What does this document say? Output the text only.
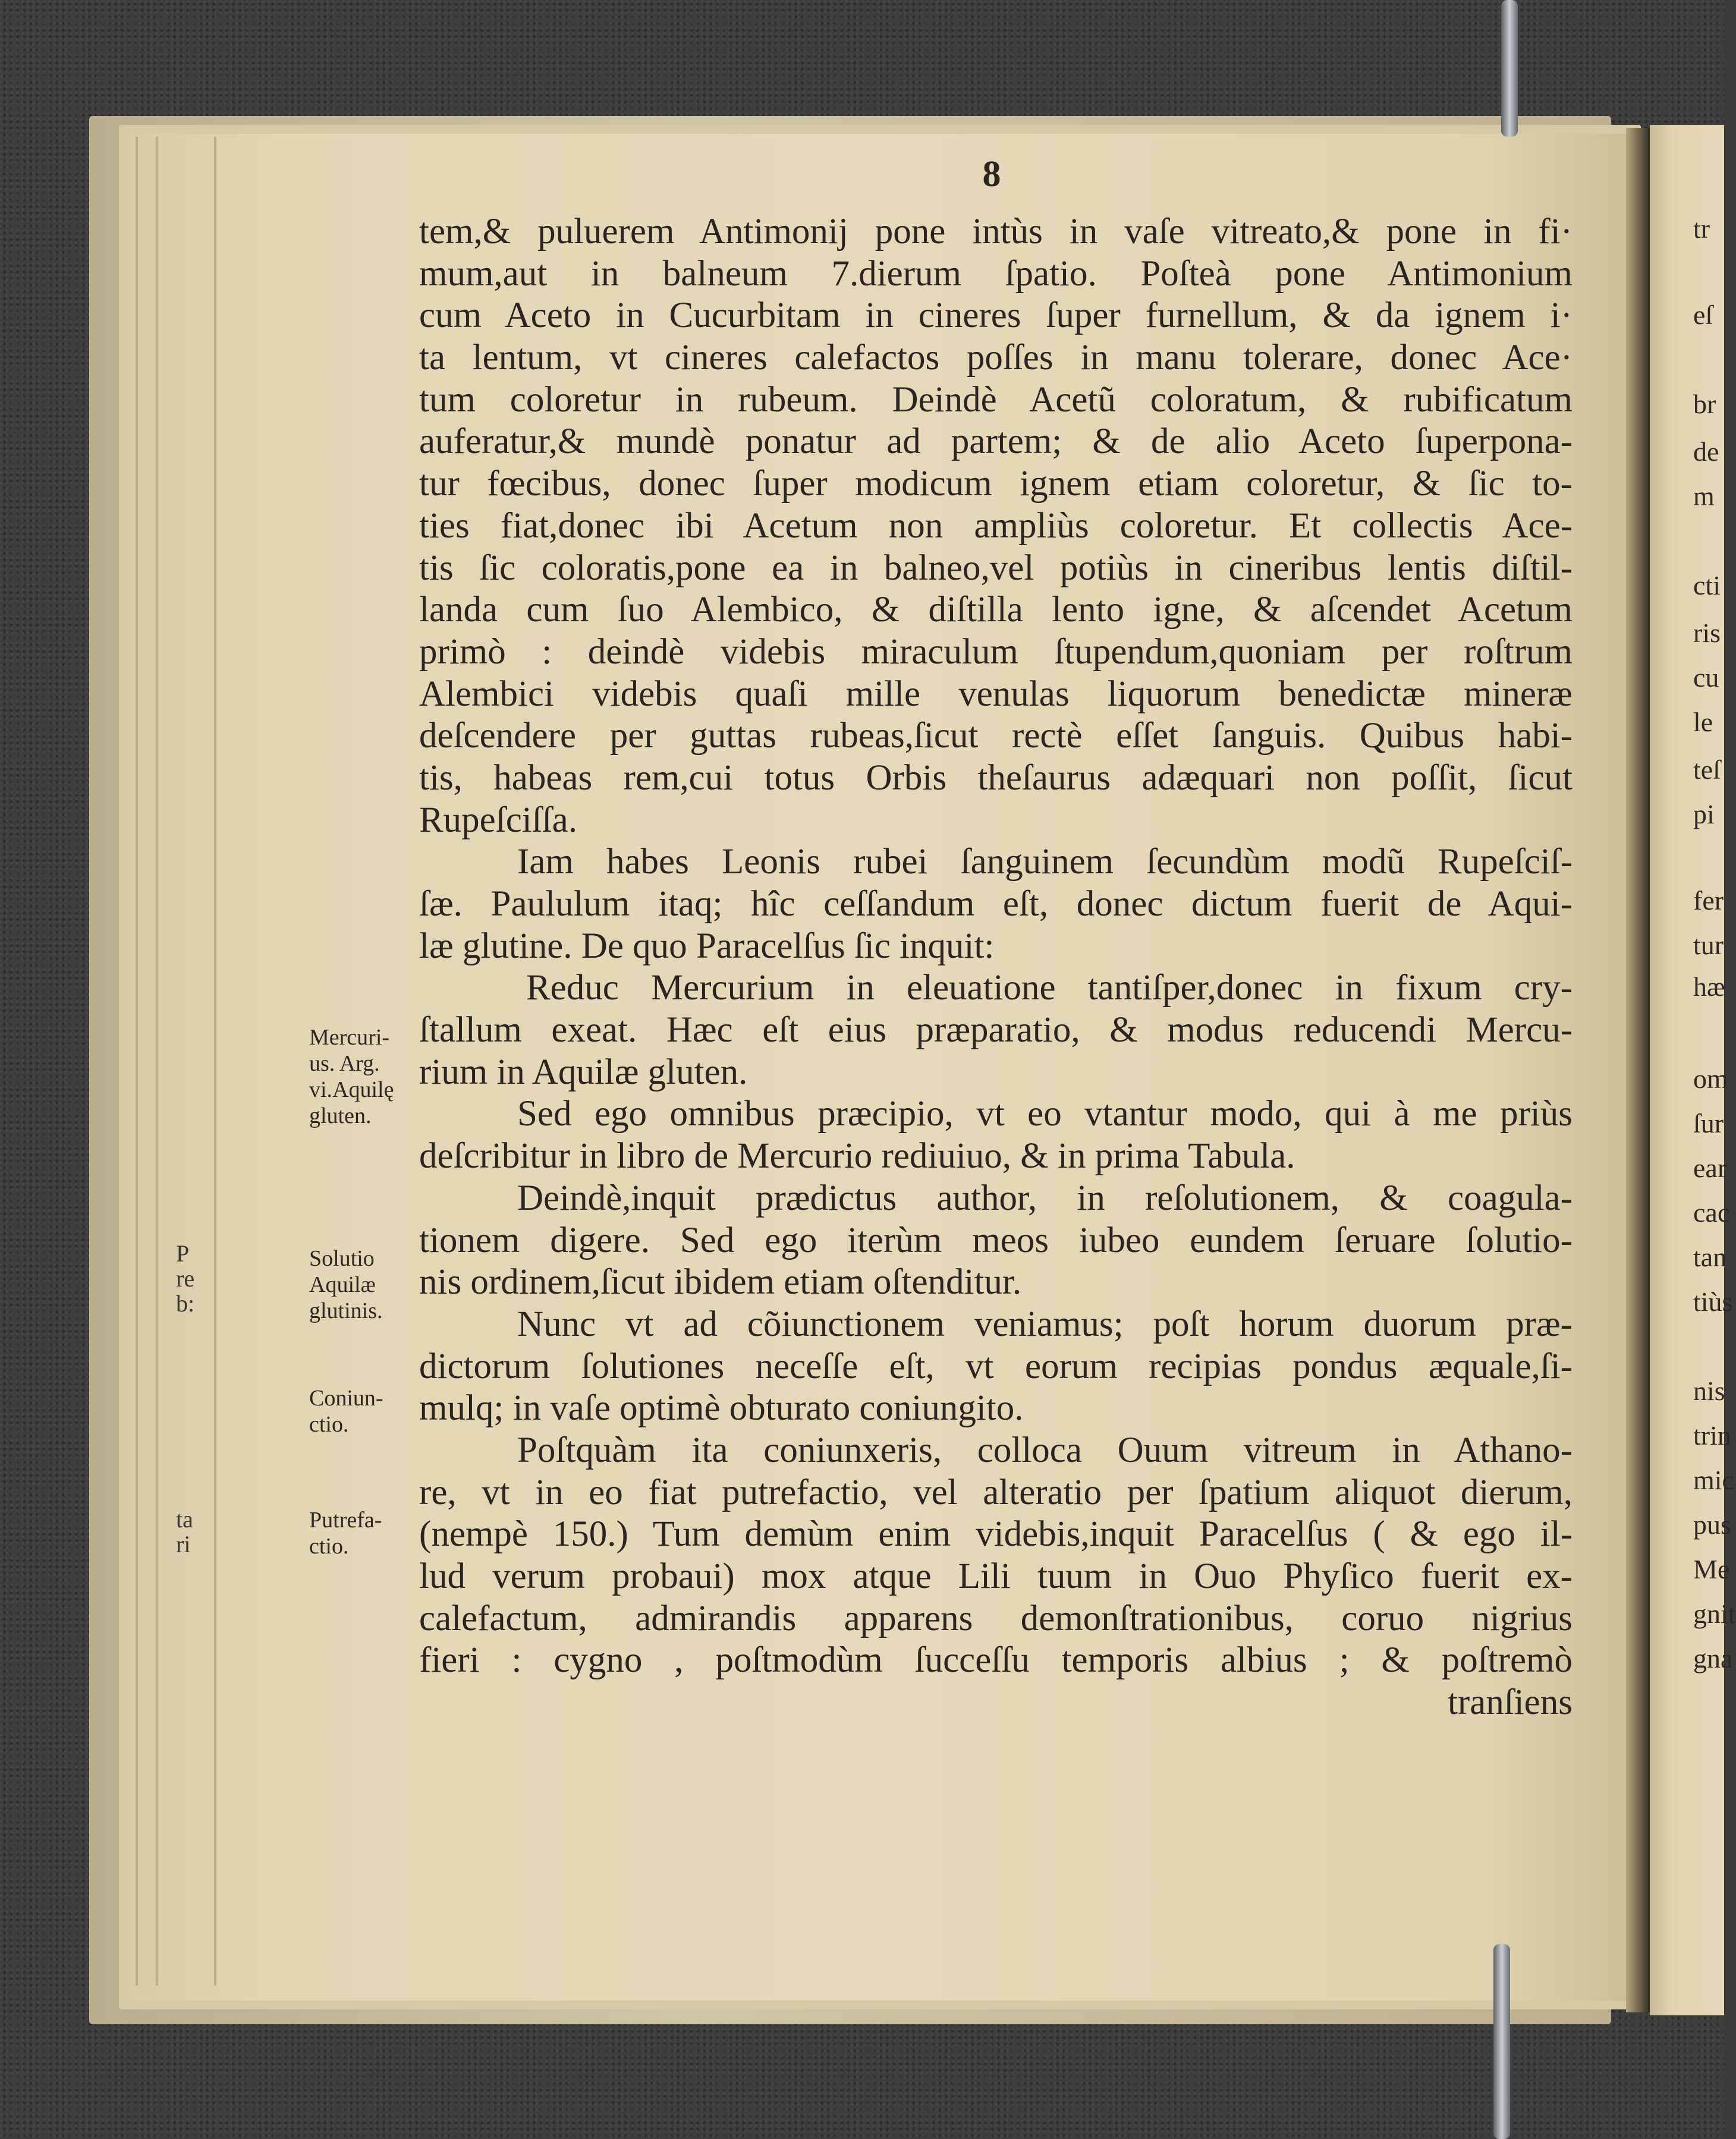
8
tem,& puluerem Antimonij pone intùs in vaſe vitreato,& pone in fi·
mum,aut in balneum 7.dierum ſpatio. Poſteà pone Antimonium
cum Aceto in Cucurbitam in cineres ſuper furnellum, & da ignem i·
ta lentum, vt cineres calefactos poſſes in manu tolerare, donec Ace·
tum coloretur in rubeum. Deindè Acetũ coloratum, & rubificatum
auferatur,& mundè ponatur ad partem; & de alio Aceto ſuperpona-
tur fœcibus, donec ſuper modicum ignem etiam coloretur, & ſic to-
ties fiat,donec ibi Acetum non ampliùs coloretur. Et collectis Ace-
tis ſic coloratis,pone ea in balneo,vel potiùs in cineribus lentis diſtil-
landa cum ſuo Alembico, & diſtilla lento igne, & aſcendet Acetum
primò : deindè videbis miraculum ſtupendum,quoniam per roſtrum
Alembici videbis quaſi mille venulas liquorum benedictæ mineræ
deſcendere per guttas rubeas,ſicut rectè eſſet ſanguis. Quibus habi-
tis, habeas rem,cui totus Orbis theſaurus adæquari non poſſit, ſicut
Rupeſciſſa.
Iam habes Leonis rubei ſanguinem ſecundùm modũ Rupeſciſ-
ſæ. Paululum itaq; hîc ceſſandum eſt, donec dictum fuerit de Aqui-
læ glutine. De quo Paracelſus ſic inquit:
Reduc Mercurium in eleuatione tantiſper,donec in fixum cry-
ſtallum exeat. Hæc eſt eius præparatio, & modus reducendi Mercu-
rium in Aquilæ gluten.
Sed ego omnibus præcipio, vt eo vtantur modo, qui à me priùs
deſcribitur in libro de Mercurio rediuiuo, & in prima Tabula.
Deindè,inquit prædictus author, in reſolutionem, & coagula-
tionem digere. Sed ego iterùm meos iubeo eundem ſeruare ſolutio-
nis ordinem,ſicut ibidem etiam oſtenditur.
Nunc vt ad cõiunctionem veniamus; poſt horum duorum præ-
dictorum ſolutiones neceſſe eſt, vt eorum recipias pondus æquale,ſi-
mulq; in vaſe optimè obturato coniungito.
Poſtquàm ita coniunxeris, colloca Ouum vitreum in Athano-
re, vt in eo fiat putrefactio, vel alteratio per ſpatium aliquot dierum,
(nempè 150.) Tum demùm enim videbis,inquit Paracelſus ( & ego il-
lud verum probaui) mox atque Lili tuum in Ouo Phyſico fuerit ex-
calefactum, admirandis apparens demonſtrationibus, coruo nigrius
fieri : cygno , poſtmodùm ſucceſſu temporis albius ; & poſtremò
tranſiens
Mercuri-
us. Arg.
vi.Aquilę
gluten.
Solutio
Aquilæ
glutinis.
Coniun-
ctio.
Putrefa-
ctio.
P
re
b:
ta
ri
tr
eſ
br
de
m
cti
ris
cu
le
teſ
pi
fer
tur
hæ
om
ſur
ear
cac
tan
tiùs
nis
trin
mic
pus
Me
gnit
gna
